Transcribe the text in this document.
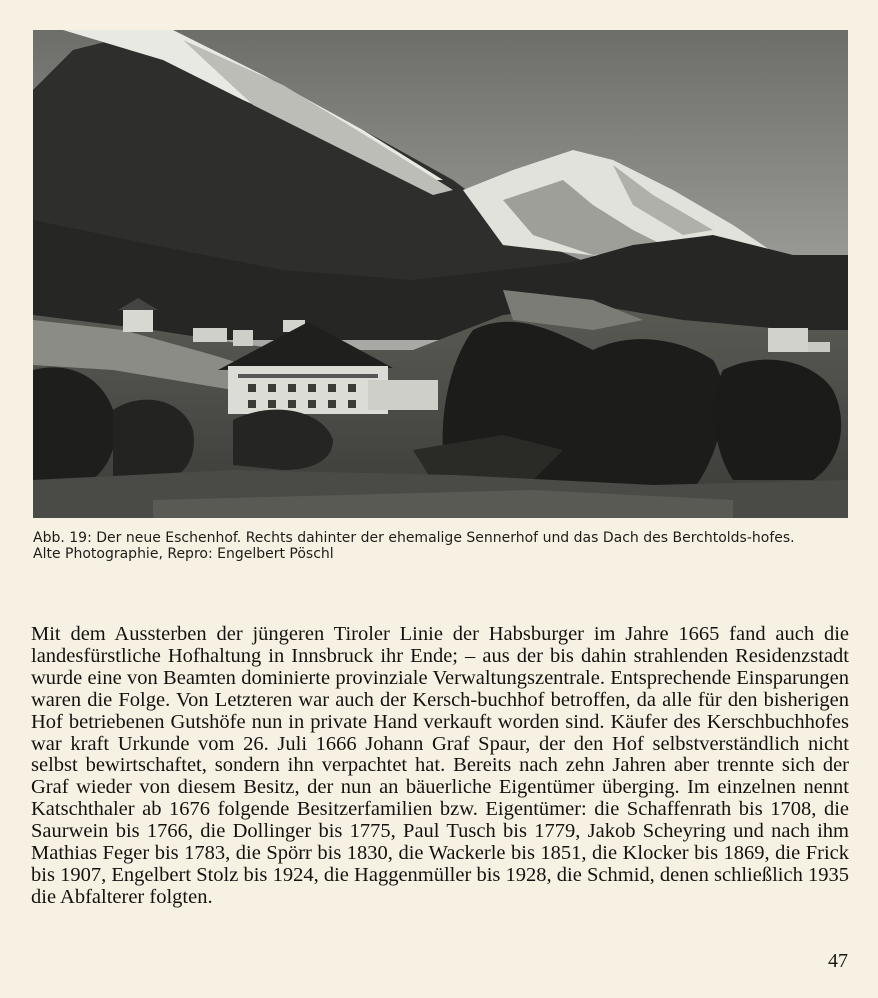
Abb. 19: Der neue Eschenhof. Rechts dahinter der ehemalige Sennerhof und das Dach des Berchtolds-hofes.

Alte Photographie, Repro: Engelbert Pöschl

Mit dem Aussterben der jüngeren Tiroler Linie der Habsburger im Jahre 1665 fand auch die landesfürstliche Hofhaltung in Innsbruck ihr Ende; – aus der bis dahin strahlenden Residenzstadt wurde eine von Beamten dominierte provinziale Verwaltungszentrale. Entsprechende Einsparungen waren die Folge. Von Letzteren war auch der Kersch-buchhof betroffen, da alle für den bisherigen Hof betriebenen Gutshöfe nun in private Hand verkauft worden sind. Käufer des Kerschbuchhofes war kraft Urkunde vom 26. Juli 1666 Johann Graf Spaur, der den Hof selbstverständlich nicht selbst bewirtschaftet, sondern ihn verpachtet hat. Bereits nach zehn Jahren aber trennte sich der Graf wieder von diesem Besitz, der nun an bäuerliche Eigentümer überging. Im einzelnen nennt Katschthaler ab 1676 folgende Besitzerfamilien bzw. Eigentümer: die Schaffenrath bis 1708, die Saurwein bis 1766, die Dollinger bis 1775, Paul Tusch bis 1779, Jakob Scheyring und nach ihm Mathias Feger bis 1783, die Spörr bis 1830, die Wackerle bis 1851, die Klocker bis 1869, die Frick bis 1907, Engelbert Stolz bis 1924, die Haggenmüller bis 1928, die Schmid, denen schließlich 1935 die Abfalterer folgten.

47
